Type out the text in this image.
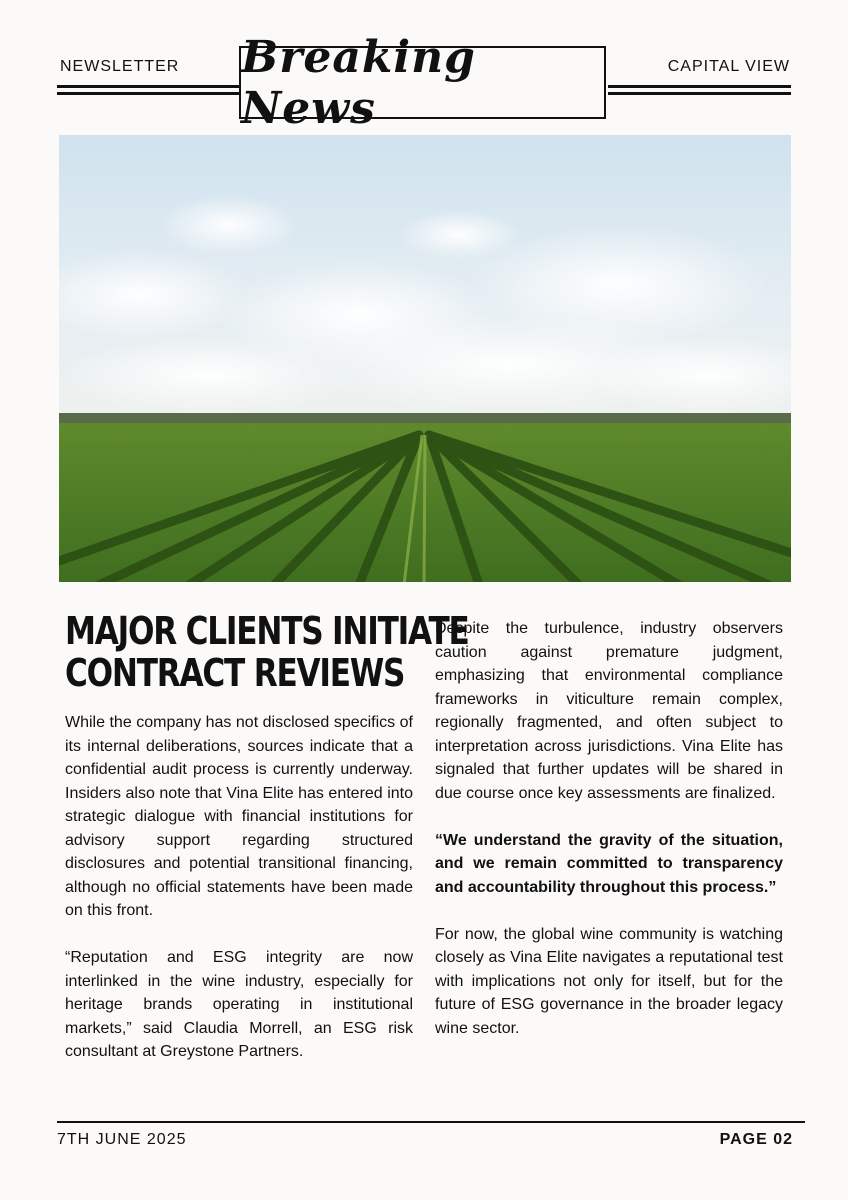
NEWSLETTER Breaking News
CAPITAL VIEW
MAJOR CLIENTS INITIATE
CONTRACT REVIEWS

While the company has not disclosed specifics of its internal deliberations, sources indicate that a confidential audit process is currently underway. Insiders also note that Vina Elite has entered into strategic dialogue with financial institutions for advisory support regarding structured disclosures and potential transitional financing, although no official statements have been made on this front.

“Reputation and ESG integrity are now interlinked in the wine industry, especially for heritage brands operating in institutional markets,” said Claudia Morrell, an ESG risk consultant at Greystone Partners.

Despite the turbulence, industry observers caution against premature judgment, emphasizing that environmental compliance frameworks in viticulture remain complex, regionally fragmented, and often subject to interpretation across jurisdictions. Vina Elite has signaled that further updates will be shared in due course once key assessments are finalized.

“We understand the gravity of the situation, and we remain committed to transparency and accountability throughout this process.”

For now, the global wine community is watching closely as Vina Elite navigates a reputational test with implications not only for itself, but for the future of ESG governance in the broader legacy wine sector.

7TH JUNE 2025	PAGE 02
